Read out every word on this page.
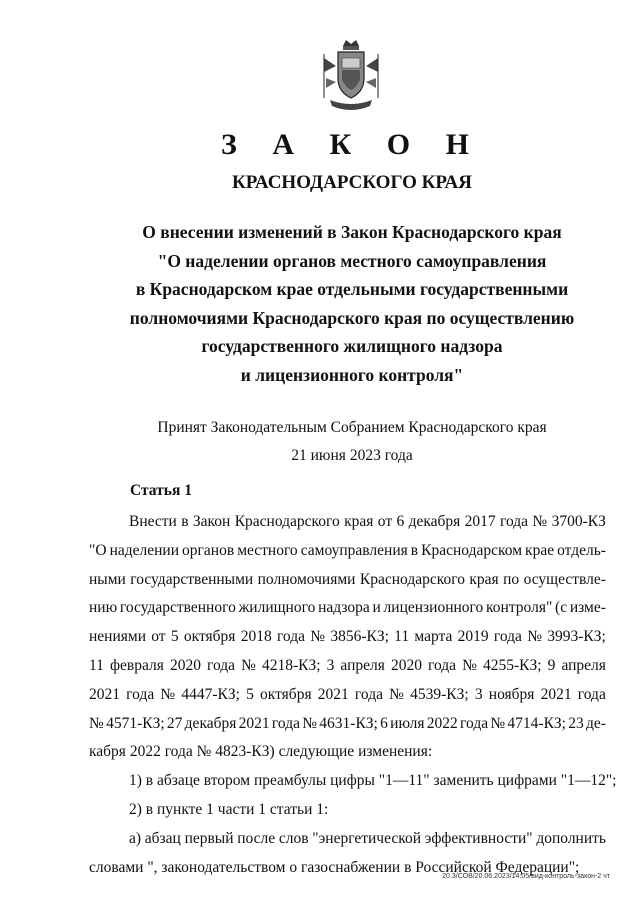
З А К О Н
КРАСНОДАРСКОГО КРАЯ
О внесении изменений в Закон Краснодарского края
"О наделении органов местного самоуправления
в Краснодарском крае отдельными государственными
полномочиями Краснодарского края по осуществлению
государственного жилищного надзора
и лицензионного контроля"
Принят Законодательным Собранием Краснодарского края
21 июня 2023 года
Статья 1
Внести в Закон Краснодарского края от 6 декабря 2017 года № 3700-КЗ
"О наделении органов местного самоуправления в Краснодарском крае отдель-
ными государственными полномочиями Краснодарского края по осуществле-
нию государственного жилищного надзора и лицензионного контроля" (с изме-
нениями от 5 октября 2018 года № 3856-КЗ; 11 марта 2019 года № 3993-КЗ;
11 февраля 2020 года № 4218-КЗ; 3 апреля 2020 года № 4255-КЗ; 9 апреля
2021 года № 4447-КЗ; 5 октября 2021 года № 4539-КЗ; 3 ноября 2021 года
№ 4571-КЗ; 27 декабря 2021 года № 4631-КЗ; 6 июля 2022 года № 4714-КЗ; 23 де-
кабря 2022 года № 4823-КЗ) следующие изменения:
1) в абзаце втором преамбулы цифры "1—11" заменить цифрами "1—12";
2) в пункте 1 части 1 статьи 1:
а) абзац первый после слов "энергетической эффективности" дополнить
словами ", законодательством о газоснабжении в Российской Федерации";
20.3/СОВ/20.06.2023/14:05/вид-контроль-закон-2 чт
